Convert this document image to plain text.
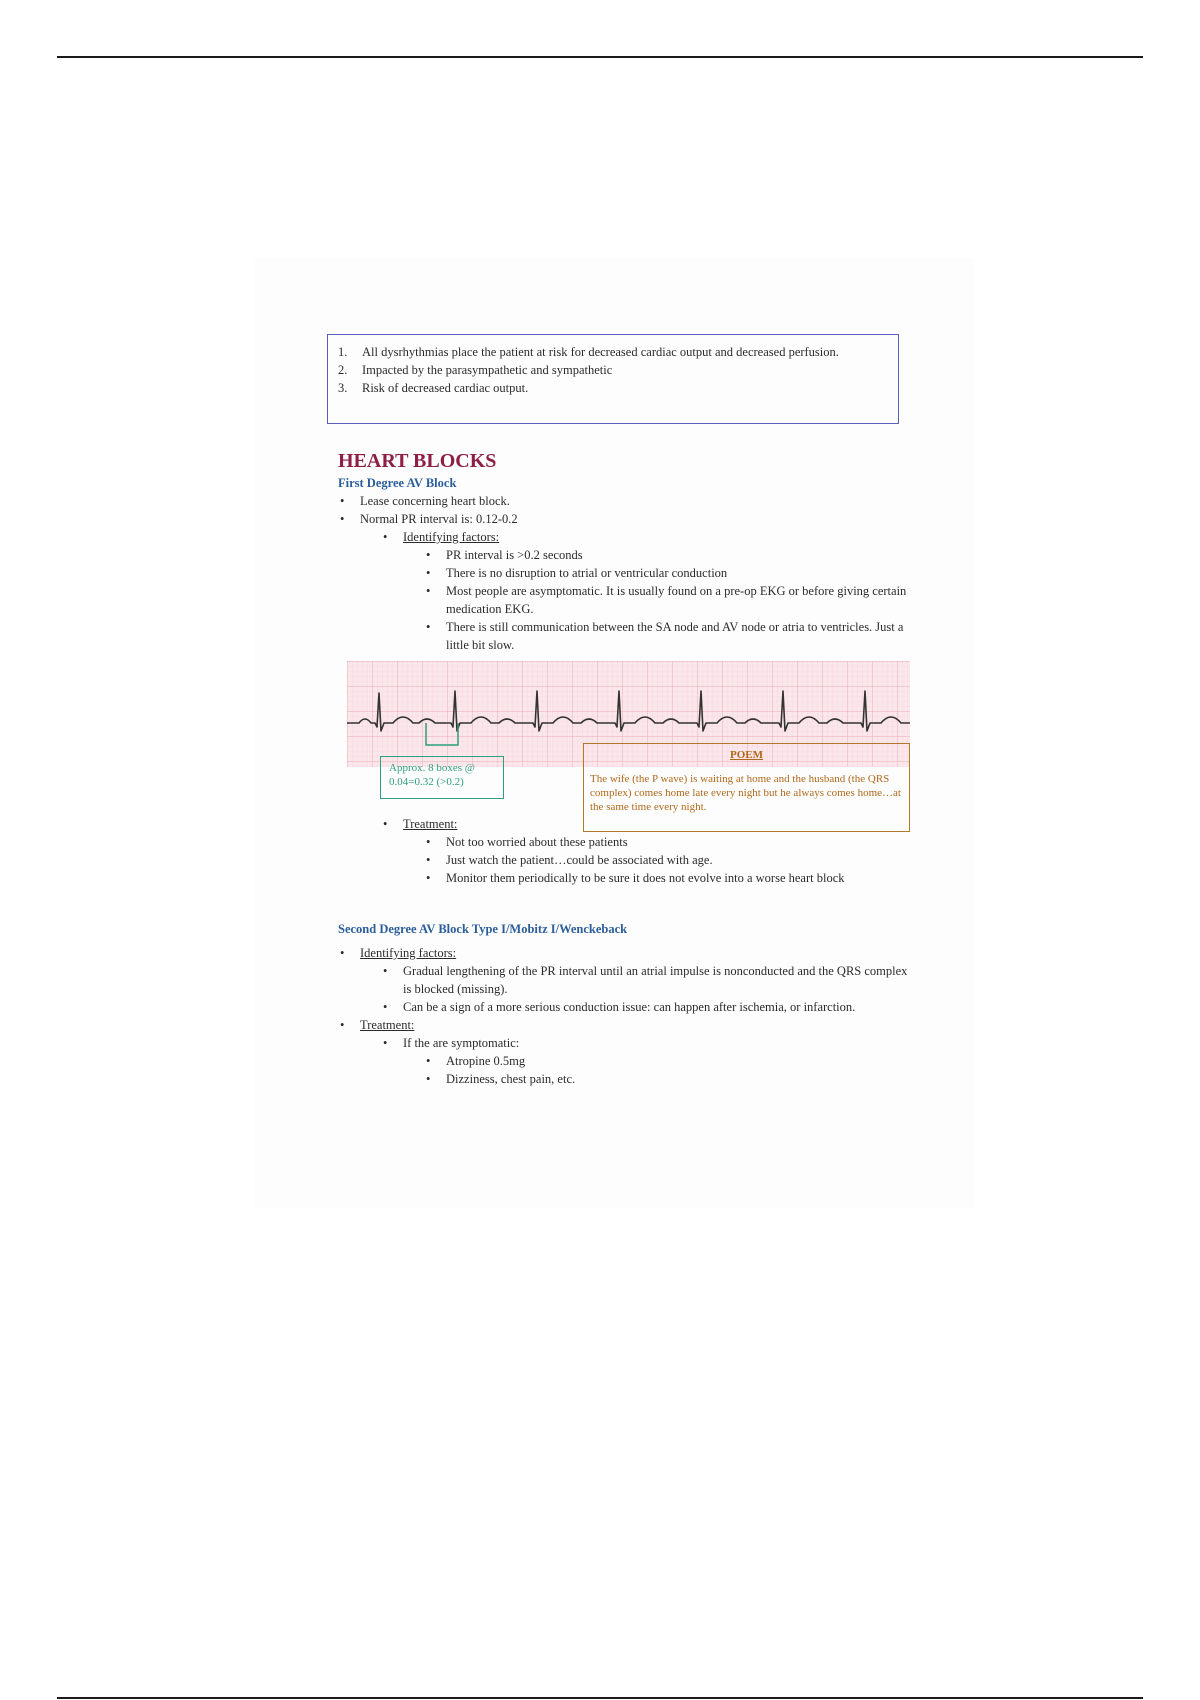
1.	All dysrhythmias place the patient at risk for decreased cardiac output and decreased perfusion.
2.	Impacted by the parasympathetic and sympathetic
3.	Risk of decreased cardiac output.
HEART BLOCKS
First Degree AV Block
• Lease concerning heart block.
• Normal PR interval is: 0.12-0.2
• Identifying factors:
• PR interval is >0.2 seconds
• There is no disruption to atrial or ventricular conduction
• Most people are asymptomatic. It is usually found on a pre-op EKG or before giving certain medication EKG.
• There is still communication between the SA node and AV node or atria to ventricles. Just a little bit slow.
Approx. 8 boxes @ 0.04=0.32 (>0.2)
POEM
The wife (the P wave) is waiting at home and the husband (the QRS complex) comes home late every night but he always comes home…at the same time every night.
• Treatment:
• Not too worried about these patients
• Just watch the patient…could be associated with age.
• Monitor them periodically to be sure it does not evolve into a worse heart block
Second Degree AV Block Type I/Mobitz I/Wenckeback
• Identifying factors:
• Gradual lengthening of the PR interval until an atrial impulse is nonconducted and the QRS complex is blocked (missing).
• Can be a sign of a more serious conduction issue: can happen after ischemia, or infarction.
• Treatment:
• If the are symptomatic:
• Atropine 0.5mg
• Dizziness, chest pain, etc.
